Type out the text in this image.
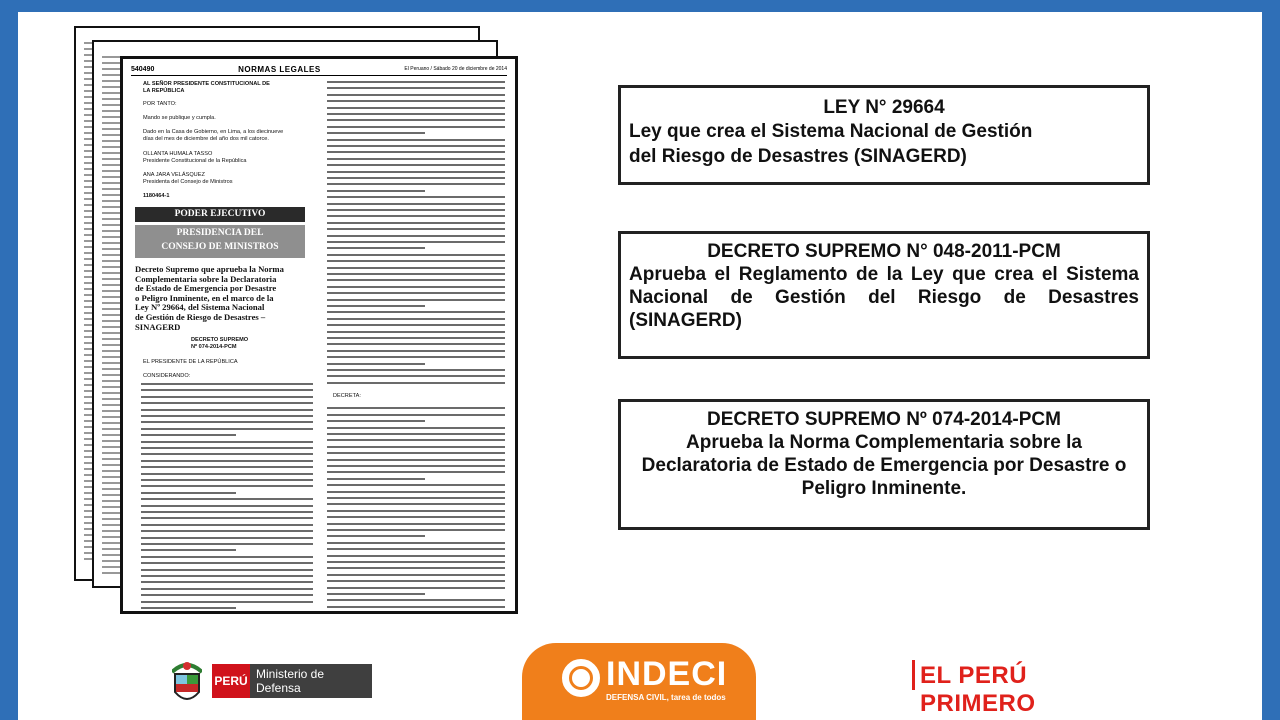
540490	NORMAS LEGALES	El Peruano / Sábado 20 de diciembre de 2014
AL SEÑOR PRESIDENTE CONSTITUCIONAL DE
LA REPÚBLICA
POR TANTO:
Mando se publique y cumpla.
Dado en la Casa de Gobierno, en Lima, a los diecinueve
días del mes de diciembre del año dos mil catorce.
OLLANTA HUMALA TASSO
Presidente Constitucional de la República
ANA JARA VELÁSQUEZ
Presidenta del Consejo de Ministros
1180464-1
PODER EJECUTIVO
PRESIDENCIA DEL
CONSEJO DE MINISTROS
Decreto Supremo que aprueba la Norma
Complementaria sobre la Declaratoria
de Estado de Emergencia por Desastre
o Peligro Inminente, en el marco de la
Ley Nº 29664, del Sistema Nacional
de Gestión de Riesgo de Desastres –
SINAGERD
DECRETO SUPREMO
Nº 074-2014-PCM
EL PRESIDENTE DE LA REPÚBLICA
CONSIDERANDO:
DECRETA:
LEY N° 29664
Ley que crea el Sistema Nacional de Gestión
del Riesgo de Desastres (SINAGERD)
DECRETO SUPREMO N° 048-2011-PCM
Aprueba el Reglamento de la Ley que crea el Sistema Nacional de Gestión del Riesgo de Desastres (SINAGERD)
DECRETO SUPREMO Nº 074-2014-PCM
Aprueba la Norma Complementaria sobre la Declaratoria de Estado de Emergencia por Desastre o Peligro Inminente.
PERÚ Ministerio de Defensa	INDECI
DEFENSA CIVIL, tarea de todos
EL PERÚ PRIMERO
